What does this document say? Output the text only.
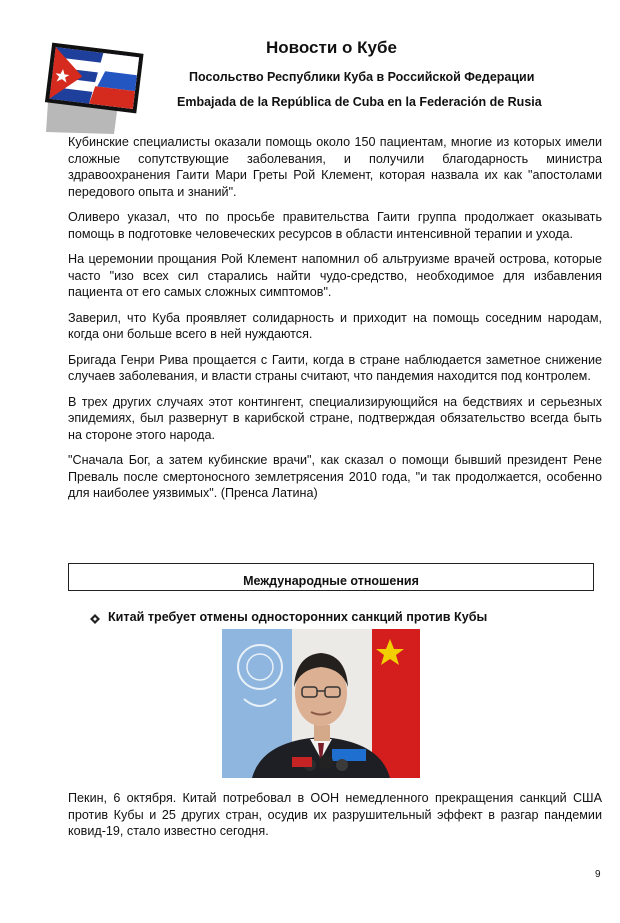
Новости о Кубе
Посольство Республики Куба в Российской Федерации
Embajada de la República de Cuba en la Federación de Rusia

Кубинские специалисты оказали помощь около 150 пациентам, многие из которых имели сложные сопутствующие заболевания, и получили благодарность министра здравоохранения Гаити Мари Греты Рой Клемент, которая назвала их как "апостолами передового опыта и знаний".

Оливеро указал, что по просьбе правительства Гаити группа продолжает оказывать помощь в подготовке человеческих ресурсов в области интенсивной терапии и ухода.

На церемонии прощания Рой Клемент напомнил об альтруизме врачей острова, которые часто "изо всех сил старались найти чудо-средство, необходимое для избавления пациента от его самых сложных симптомов".

Заверил, что Куба проявляет солидарность и приходит на помощь соседним народам, когда они больше всего в ней нуждаются.

Бригада Генри Рива прощается с Гаити, когда в стране наблюдается заметное снижение случаев заболевания, и власти страны считают, что пандемия находится под контролем.

В трех других случаях этот контингент, специализирующийся на бедствиях и серьезных эпидемиях, был развернут в карибской стране, подтверждая обязательство всегда быть на стороне этого народа.

"Сначала Бог, а затем кубинские врачи", как сказал о помощи бывший президент Рене Преваль после смертоносного землетрясения 2010 года, "и так продолжается, особенно для наиболее уязвимых". (Пренса Латина)

Международные отношения
Китай требует отмены односторонних санкций против Кубы

Пекин, 6 октября. Китай потребовал в ООН немедленного прекращения санкций США против Кубы и 25 других стран, осудив их разрушительный эффект в разгар пандемии ковид-19, стало известно сегодня.

9
